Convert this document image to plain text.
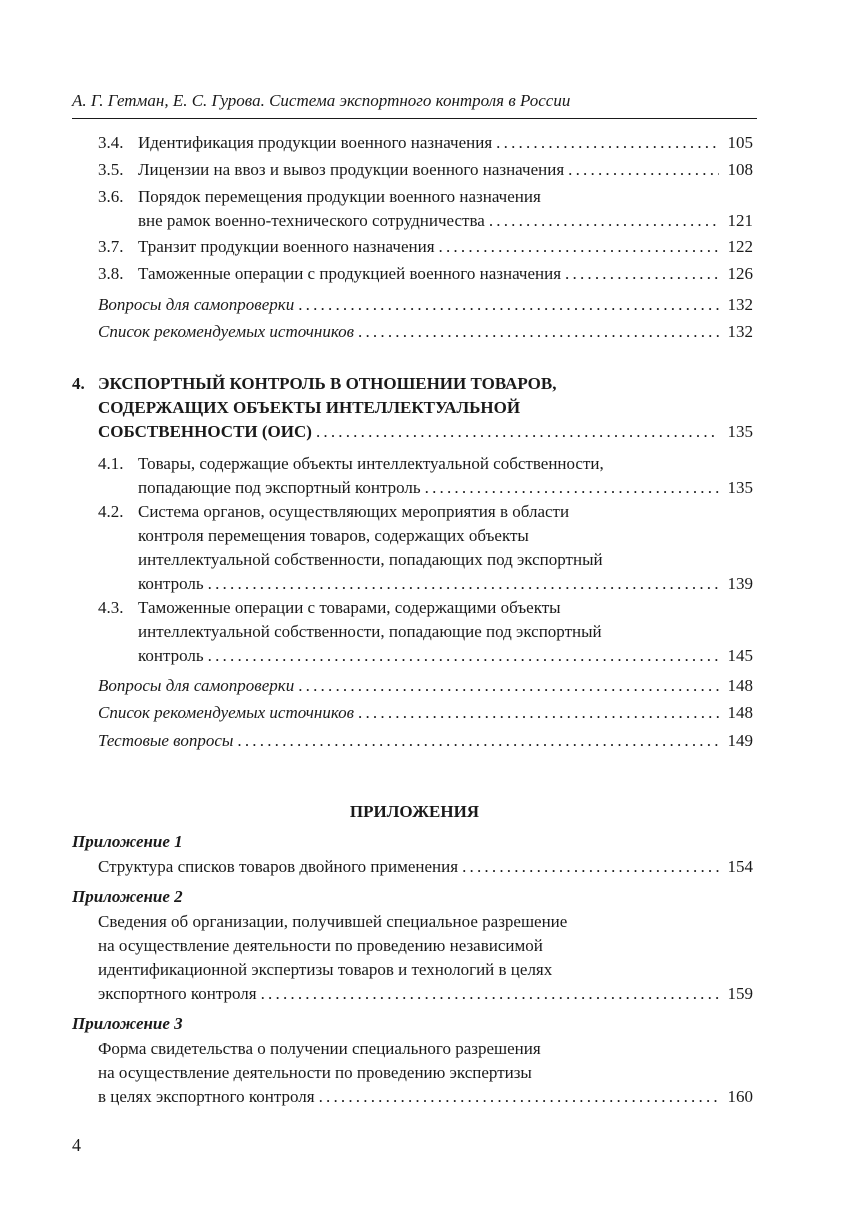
А. Г. Гетман, Е. С. Гурова. Система экспортного контроля в России
3.4. Идентификация продукции военного назначения .....	105
3.5. Лицензии на ввоз и вывоз продукции военного назначения .....	108
3.6. Порядок перемещения продукции военного назначения
вне рамок военно-технического сотрудничества .....	121
3.7. Транзит продукции военного назначения .....	122
3.8. Таможенные операции с продукцией военного назначения .....	126
Вопросы для самопроверки .....	132
Список рекомендуемых источников .....	132
4. ЭКСПОРТНЫЙ КОНТРОЛЬ В ОТНОШЕНИИ ТОВАРОВ,
СОДЕРЖАЩИХ ОБЪЕКТЫ ИНТЕЛЛЕКТУАЛЬНОЙ
СОБСТВЕННОСТИ (ОИС) .....	135
4.1. Товары, содержащие объекты интеллектуальной собственности,
попадающие под экспортный контроль .....	135
4.2. Система органов, осуществляющих мероприятия в области
контроля перемещения товаров, содержащих объекты
интеллектуальной собственности, попадающих под экспортный
контроль .....	139
4.3. Таможенные операции с товарами, содержащими объекты
интеллектуальной собственности, попадающие под экспортный
контроль .....	145
Вопросы для самопроверки .....	148
Список рекомендуемых источников .....	148
Тестовые вопросы .....	149
ПРИЛОЖЕНИЯ
Приложение 1
Структура списков товаров двойного применения .....	154
Приложение 2
Сведения об организации, получившей специальное разрешение
на осуществление деятельности по проведению независимой
идентификационной экспертизы товаров и технологий в целях
экспортного контроля .....	159
Приложение 3
Форма свидетельства о получении специального разрешения
на осуществление деятельности по проведению экспертизы
в целях экспортного контроля .....	160
4
